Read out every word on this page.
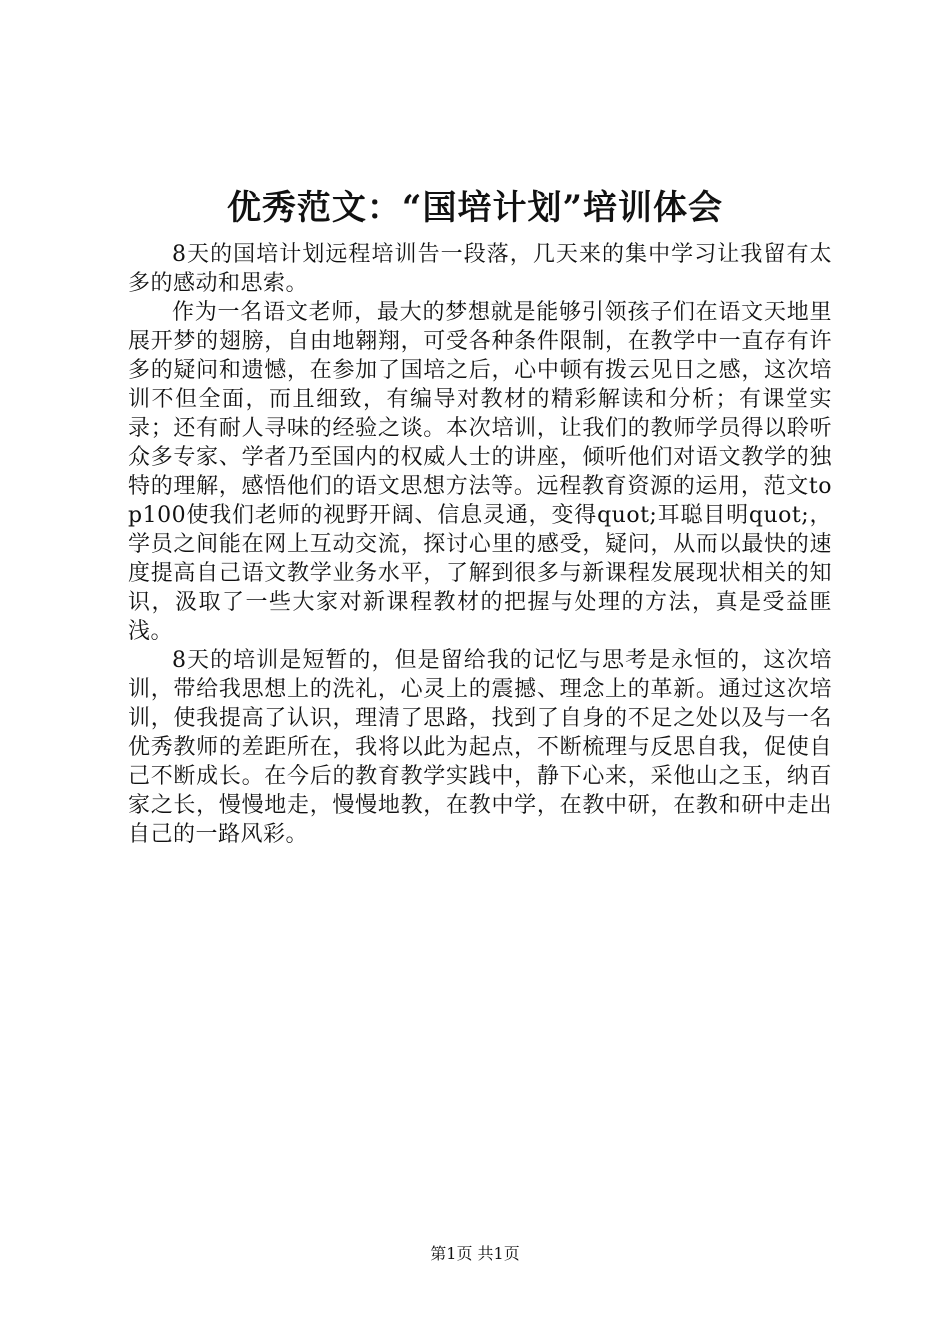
优秀范文：“国培计划”培训体会

8天的国培计划远程培训告一段落，几天来的集中学习让我留有太多的感动和思索。

作为一名语文老师，最大的梦想就是能够引领孩子们在语文天地里展开梦的翅膀，自由地翱翔，可受各种条件限制，在教学中一直存有许多的疑问和遗憾，在参加了国培之后，心中顿有拨云见日之感，这次培训不但全面，而且细致，有编导对教材的精彩解读和分析；有课堂实录；还有耐人寻味的经验之谈。本次培训，让我们的教师学员得以聆听众多专家、学者乃至国内的权威人士的讲座，倾听他们对语文教学的独特的理解，感悟他们的语文思想方法等。远程教育资源的运用，范文top100使我们老师的视野开阔、信息灵通，变得quot;耳聪目明quot;，学员之间能在网上互动交流，探讨心里的感受，疑问，从而以最快的速度提高自己语文教学业务水平，了解到很多与新课程发展现状相关的知识，汲取了一些大家对新课程教材的把握与处理的方法，真是受益匪浅。

8天的培训是短暂的，但是留给我的记忆与思考是永恒的，这次培训，带给我思想上的洗礼，心灵上的震撼、理念上的革新。通过这次培训，使我提高了认识，理清了思路，找到了自身的不足之处以及与一名优秀教师的差距所在，我将以此为起点，不断梳理与反思自我，促使自己不断成长。在今后的教育教学实践中，静下心来，采他山之玉，纳百家之长，慢慢地走，慢慢地教，在教中学，在教中研，在教和研中走出自己的一路风彩。

第1页 共1页
